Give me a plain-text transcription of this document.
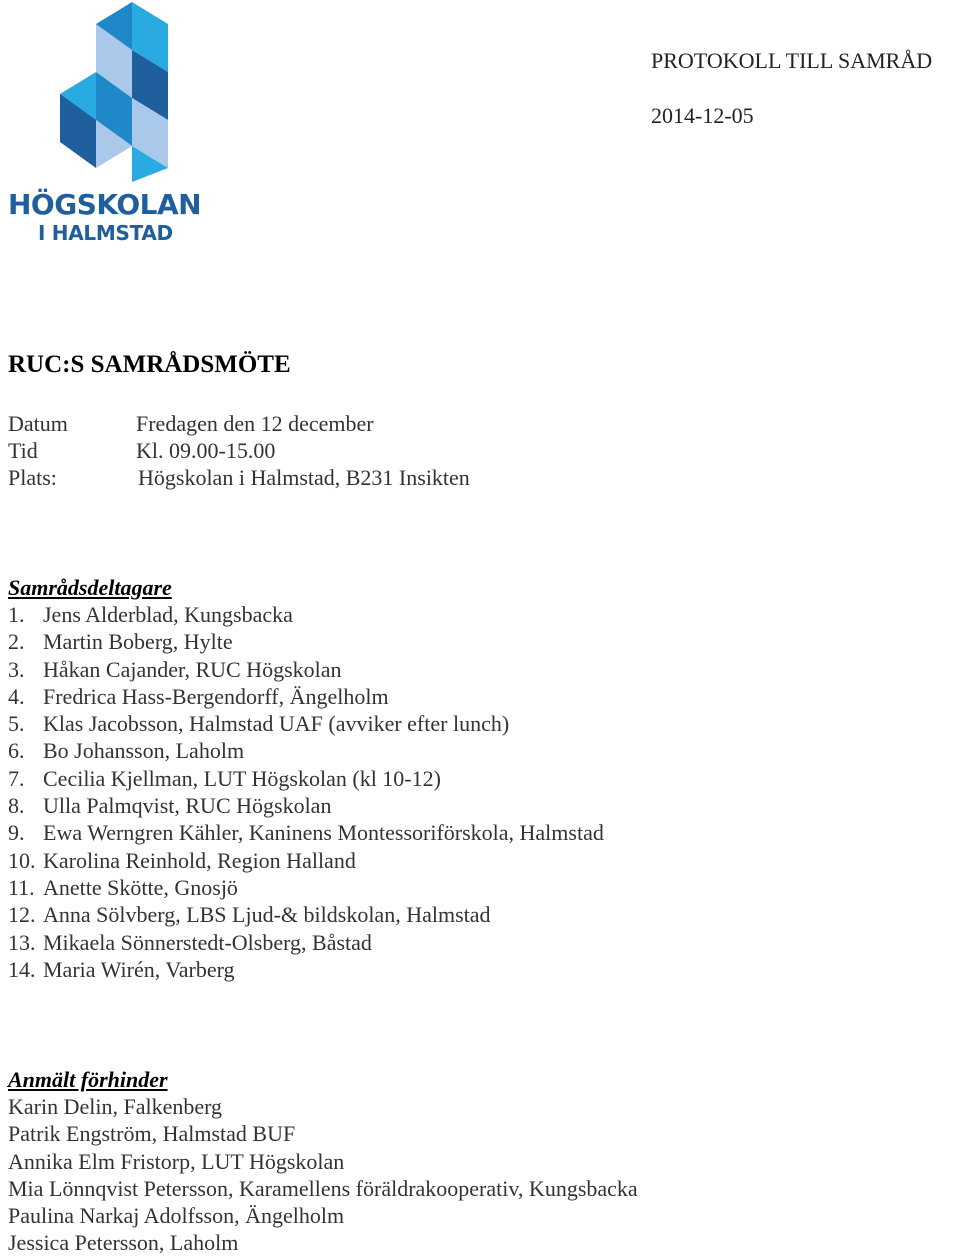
HÖGSKOLAN
I HALMSTAD
PROTOKOLL TILL SAMRÅD
2014-12-05
RUC:S SAMRÅDSMÖTE
Datum	Fredagen den 12 december
Tid	Kl. 09.00-15.00
Plats:	Högskolan i Halmstad, B231 Insikten
Samrådsdeltagare
1. Jens Alderblad, Kungsbacka
2. Martin Boberg, Hylte
3. Håkan Cajander, RUC Högskolan
4. Fredrica Hass-Bergendorff, Ängelholm
5. Klas Jacobsson, Halmstad UAF (avviker efter lunch)
6. Bo Johansson, Laholm
7. Cecilia Kjellman, LUT Högskolan (kl 10-12)
8. Ulla Palmqvist, RUC Högskolan
9. Ewa Werngren Kähler, Kaninens Montessoriförskola, Halmstad
10. Karolina Reinhold, Region Halland
11. Anette Skötte, Gnosjö
12. Anna Sölvberg, LBS Ljud-& bildskolan, Halmstad
13. Mikaela Sönnerstedt-Olsberg, Båstad
14. Maria Wirén, Varberg
Anmält förhinder
Karin Delin, Falkenberg
Patrik Engström, Halmstad BUF
Annika Elm Fristorp, LUT Högskolan
Mia Lönnqvist Petersson, Karamellens föräldrakooperativ, Kungsbacka
Paulina Narkaj Adolfsson, Ängelholm
Jessica Petersson, Laholm
